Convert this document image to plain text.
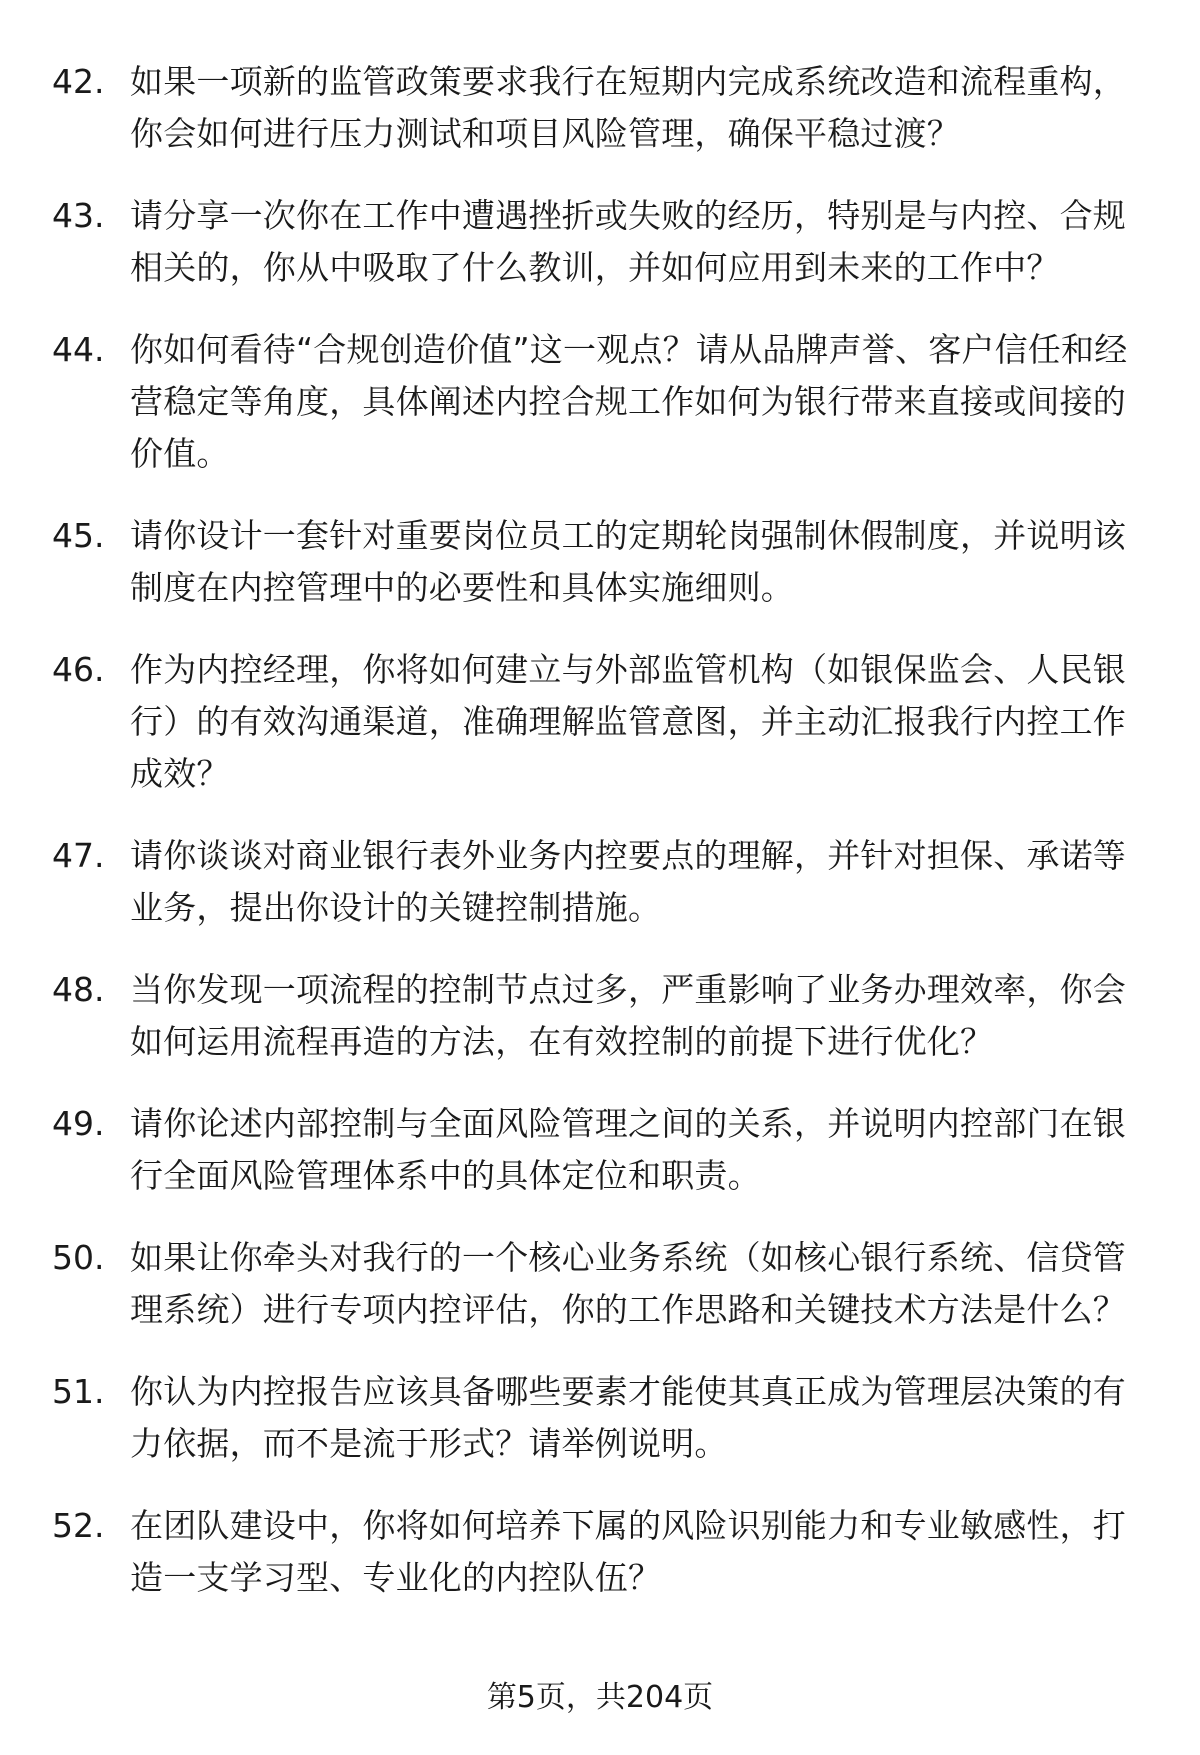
42. 如果一项新的监管政策要求我行在短期内完成系统改造和流程重构，你会如何进行压力测试和项目风险管理，确保平稳过渡？
43. 请分享一次你在工作中遭遇挫折或失败的经历，特别是与内控、合规相关的，你从中吸取了什么教训，并如何应用到未来的工作中？
44. 你如何看待“合规创造价值”这一观点？请从品牌声誉、客户信任和经营稳定等角度，具体阐述内控合规工作如何为银行带来直接或间接的价值。
45. 请你设计一套针对重要岗位员工的定期轮岗强制休假制度，并说明该制度在内控管理中的必要性和具体实施细则。
46. 作为内控经理，你将如何建立与外部监管机构（如银保监会、人民银行）的有效沟通渠道，准确理解监管意图，并主动汇报我行内控工作成效？
47. 请你谈谈对商业银行表外业务内控要点的理解，并针对担保、承诺等业务，提出你设计的关键控制措施。
48. 当你发现一项流程的控制节点过多，严重影响了业务办理效率，你会如何运用流程再造的方法，在有效控制的前提下进行优化？
49. 请你论述内部控制与全面风险管理之间的关系，并说明内控部门在银行全面风险管理体系中的具体定位和职责。
50. 如果让你牵头对我行的一个核心业务系统（如核心银行系统、信贷管理系统）进行专项内控评估，你的工作思路和关键技术方法是什么？
51. 你认为内控报告应该具备哪些要素才能使其真正成为管理层决策的有力依据，而不是流于形式？请举例说明。
52. 在团队建设中，你将如何培养下属的风险识别能力和专业敏感性，打造一支学习型、专业化的内控队伍？
第5页，共204页
